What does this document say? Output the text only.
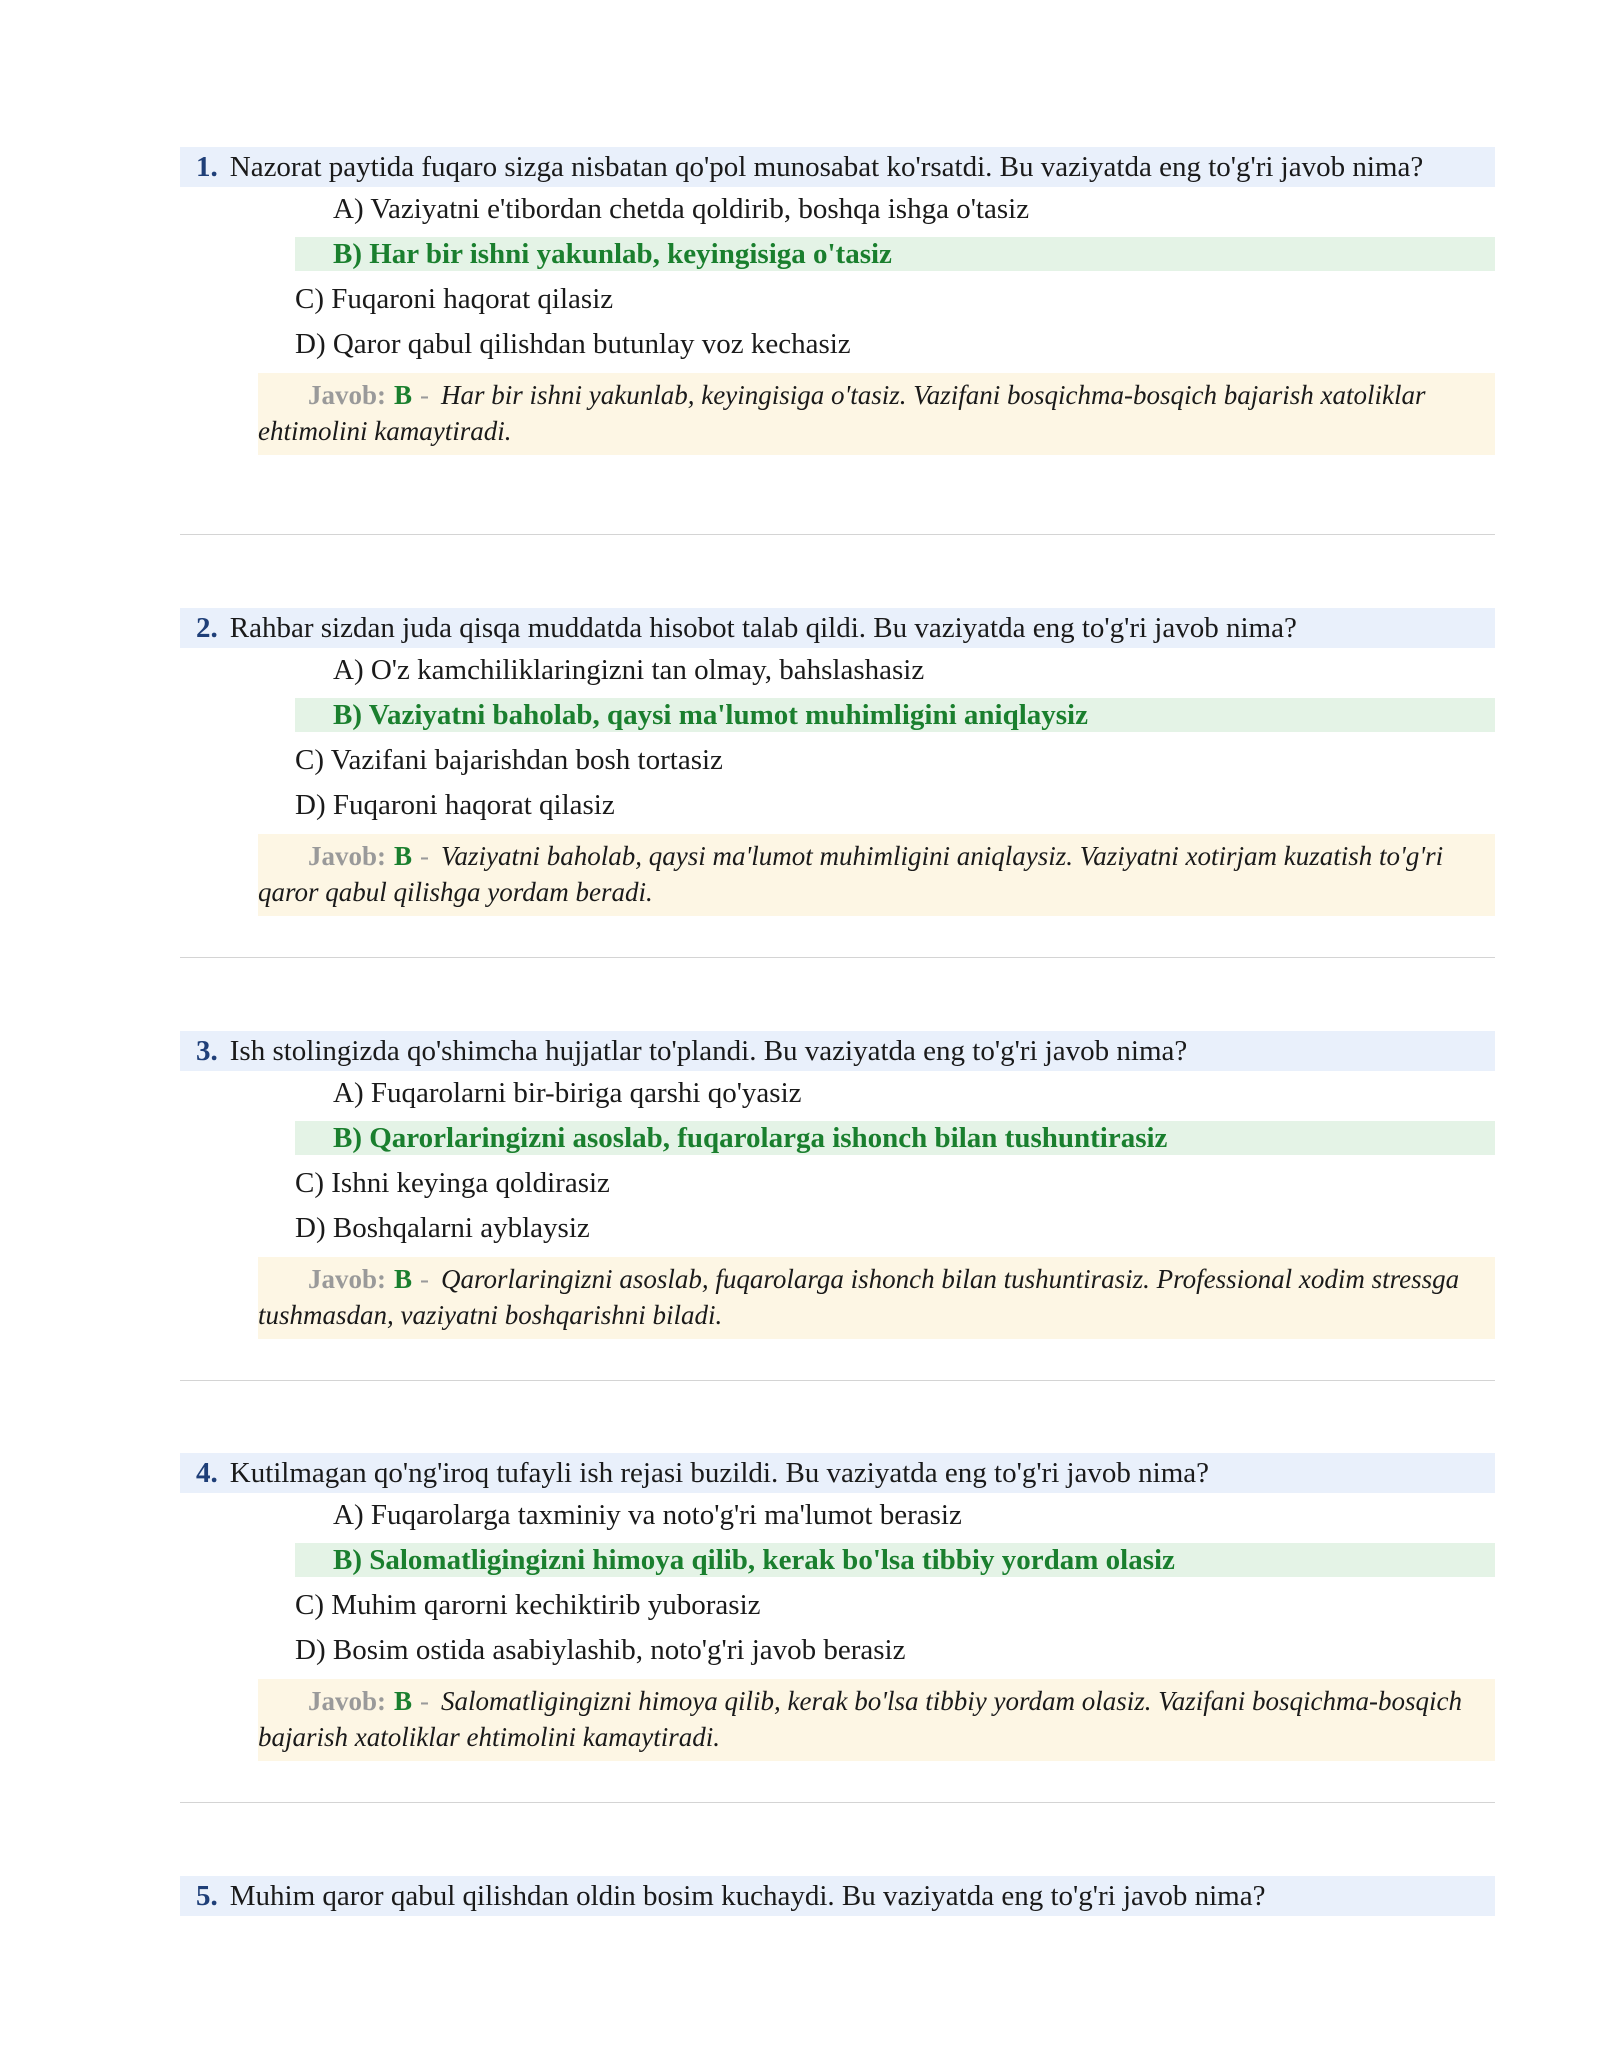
1. Nazorat paytida fuqaro sizga nisbatan qo'pol munosabat ko'rsatdi. Bu vaziyatda eng to'g'ri javob nima?
A) Vaziyatni e'tibordan chetda qoldirib, boshqa ishga o'tasiz
B) Har bir ishni yakunlab, keyingisiga o'tasiz
C) Fuqaroni haqorat qilasiz
D) Qaror qabul qilishdan butunlay voz kechasiz
Javob: B - Har bir ishni yakunlab, keyingisiga o'tasiz. Vazifani bosqichma-bosqich bajarish xatoliklar ehtimolini kamaytiradi.
2. Rahbar sizdan juda qisqa muddatda hisobot talab qildi. Bu vaziyatda eng to'g'ri javob nima?
A) O'z kamchiliklaringizni tan olmay, bahslashasiz
B) Vaziyatni baholab, qaysi ma'lumot muhimligini aniqlaysiz
C) Vazifani bajarishdan bosh tortasiz
D) Fuqaroni haqorat qilasiz
Javob: B - Vaziyatni baholab, qaysi ma'lumot muhimligini aniqlaysiz. Vaziyatni xotirjam kuzatish to'g'ri qaror qabul qilishga yordam beradi.
3. Ish stolingizda qo'shimcha hujjatlar to'plandi. Bu vaziyatda eng to'g'ri javob nima?
A) Fuqarolarni bir-biriga qarshi qo'yasiz
B) Qarorlaringizni asoslab, fuqarolarga ishonch bilan tushuntirasiz
C) Ishni keyinga qoldirasiz
D) Boshqalarni ayblaysiz
Javob: B - Qarorlaringizni asoslab, fuqarolarga ishonch bilan tushuntirasiz. Professional xodim stressga tushmasdan, vaziyatni boshqarishni biladi.
4. Kutilmagan qo'ng'iroq tufayli ish rejasi buzildi. Bu vaziyatda eng to'g'ri javob nima?
A) Fuqarolarga taxminiy va noto'g'ri ma'lumot berasiz
B) Salomatligingizni himoya qilib, kerak bo'lsa tibbiy yordam olasiz
C) Muhim qarorni kechiktirib yuborasiz
D) Bosim ostida asabiylashib, noto'g'ri javob berasiz
Javob: B - Salomatligingizni himoya qilib, kerak bo'lsa tibbiy yordam olasiz. Vazifani bosqichma-bosqich bajarish xatoliklar ehtimolini kamaytiradi.
5. Muhim qaror qabul qilishdan oldin bosim kuchaydi. Bu vaziyatda eng to'g'ri javob nima?
